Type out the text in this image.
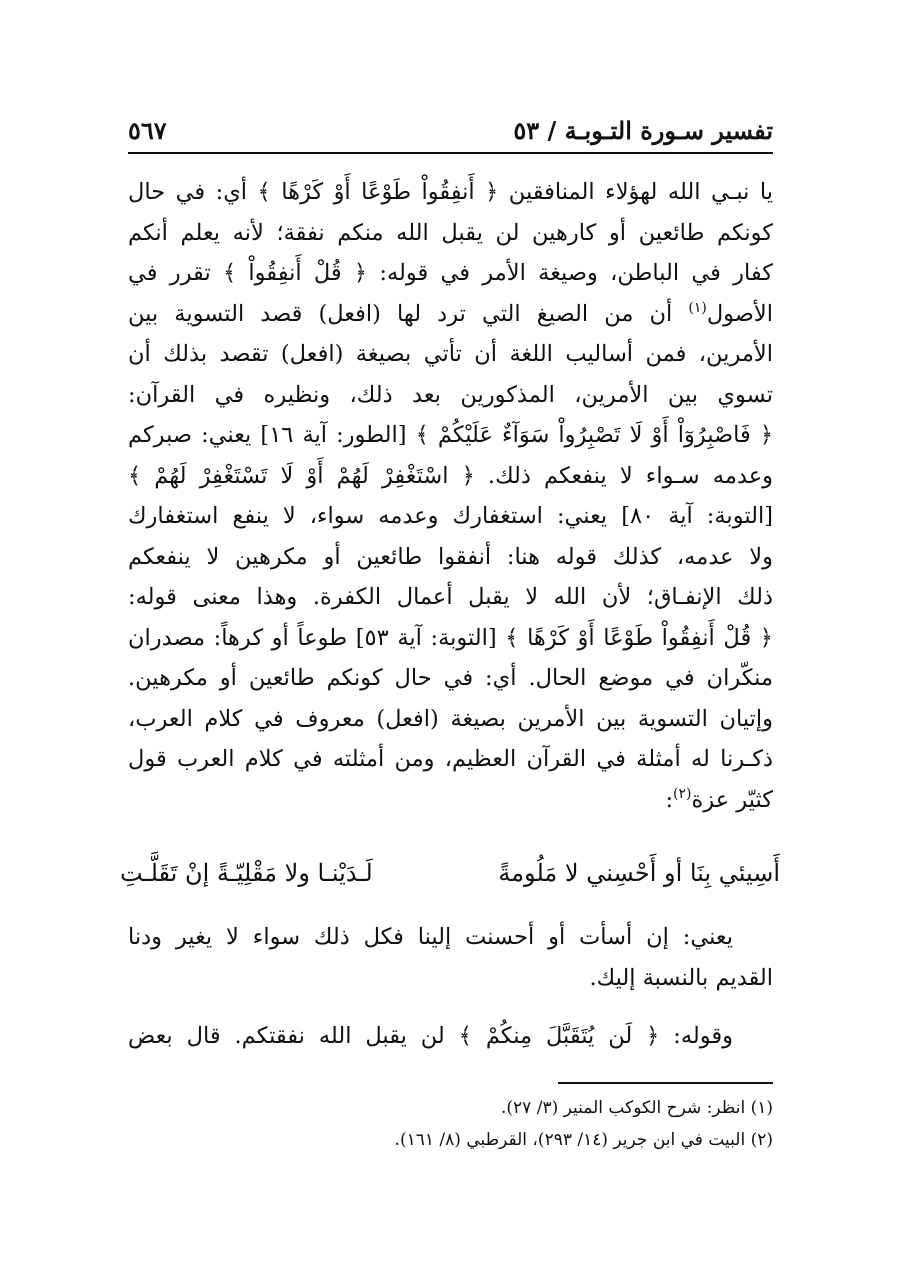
تفسير سـورة التـوبـة / ٥٣
٥٦٧
يا نبـي الله لهؤلاء المنافقين ﴿ أَنفِقُواْ طَوْعًا أَوْ كَرْهًا ﴾ أي: في حال
كونكم طائعين أو كارهين لن يقبل الله منكم نفقة؛ لأنه يعلم أنكم
كفار في الباطن، وصيغة الأمر في قوله: ﴿ قُلْ أَنفِقُواْ ﴾ تقرر في
الأصول$^{(١)}$ أن من الصيغ التي ترد لها (افعل) قصد التسوية بين
الأمرين، فمن أساليب اللغة أن تأتي بصيغة (افعل) تقصد بذلك أن
تسوي بين الأمرين، المذكورين بعد ذلك، ونظيره في القرآن:
﴿ فَاصْبِرُوٓاْ أَوْ لَا تَصْبِرُواْ سَوَآءٌ عَلَيْكُمْ ﴾ [الطور: آية ١٦] يعني: صبركم
وعدمه سـواء لا ينفعكم ذلك. ﴿ اسْتَغْفِرْ لَهُمْ أَوْ لَا تَسْتَغْفِرْ لَهُمْ ﴾
[التوبة: آية ٨٠] يعني: استغفارك وعدمه سواء، لا ينفع استغفارك
ولا عدمه، كذلك قوله هنا: أنفقوا طائعين أو مكرهين لا ينفعكم
ذلك الإنفـاق؛ لأن الله لا يقبل أعمال الكفرة. وهذا معنى قوله:
﴿ قُلْ أَنفِقُواْ طَوْعًا أَوْ كَرْهًا ﴾ [التوبة: آية ٥٣] طوعاً أو كرهاً: مصدران
منكّران في موضع الحال. أي: في حال كونكم طائعين أو مكرهين.
وإتيان التسوية بين الأمرين بصيغة (افعل) معروف في كلام العرب،
ذكـرنا له أمثلة في القرآن العظيم، ومن أمثلته في كلام العرب قول
كثيّر عزة$^{(٢)}$:
أَسِيئي بِنَا أو أَحْسِني لا مَلُومةً
لَـدَيْنـا ولا مَقْلِيّـةً إنْ تَقَلَّـتِ
يعني: إن أسأت أو أحسنت إلينا فكل ذلك سواء لا يغير ودنا
القديم بالنسبة إليك.
وقوله: ﴿ لَن يُتَقَبَّلَ مِنكُمْ ﴾ لن يقبل الله نفقتكم. قال بعض
(١) انظر: شرح الكوكب المنير (٣/ ٢٧).
(٢) البيت في ابن جرير (١٤/ ٢٩٣)، القرطبي (٨/ ١٦١).
